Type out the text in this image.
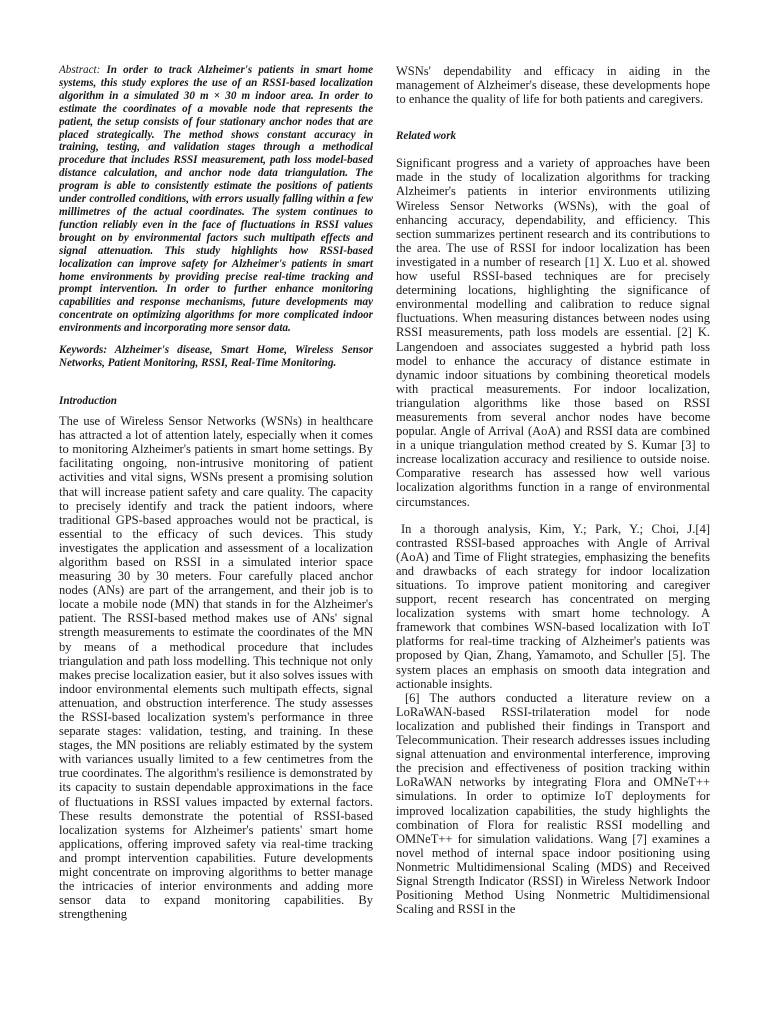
Abstract: In order to track Alzheimer's patients in smart home systems, this study explores the use of an RSSI-based localization algorithm in a simulated 30 m × 30 m indoor area. In order to estimate the coordinates of a movable node that represents the patient, the setup consists of four stationary anchor nodes that are placed strategically. The method shows constant accuracy in training, testing, and validation stages through a methodical procedure that includes RSSI measurement, path loss model-based distance calculation, and anchor node data triangulation. The program is able to consistently estimate the positions of patients under controlled conditions, with errors usually falling within a few millimetres of the actual coordinates. The system continues to function reliably even in the face of fluctuations in RSSI values brought on by environmental factors such multipath effects and signal attenuation. This study highlights how RSSI-based localization can improve safety for Alzheimer's patients in smart home environments by providing precise real-time tracking and prompt intervention. In order to further enhance monitoring capabilities and response mechanisms, future developments may concentrate on optimizing algorithms for more complicated indoor environments and incorporating more sensor data.

Keywords: Alzheimer's disease, Smart Home, Wireless Sensor Networks, Patient Monitoring, RSSI, Real-Time Monitoring.

Introduction

The use of Wireless Sensor Networks (WSNs) in healthcare has attracted a lot of attention lately, especially when it comes to monitoring Alzheimer's patients in smart home settings. By facilitating ongoing, non-intrusive monitoring of patient activities and vital signs, WSNs present a promising solution that will increase patient safety and care quality. The capacity to precisely identify and track the patient indoors, where traditional GPS-based approaches would not be practical, is essential to the efficacy of such devices. This study investigates the application and assessment of a localization algorithm based on RSSI in a simulated interior space measuring 30 by 30 meters. Four carefully placed anchor nodes (ANs) are part of the arrangement, and their job is to locate a mobile node (MN) that stands in for the Alzheimer's patient. The RSSI-based method makes use of ANs' signal strength measurements to estimate the coordinates of the MN by means of a methodical procedure that includes triangulation and path loss modelling. This technique not only makes precise localization easier, but it also solves issues with indoor environmental elements such multipath effects, signal attenuation, and obstruction interference. The study assesses the RSSI-based localization system's performance in three separate stages: validation, testing, and training. In these stages, the MN positions are reliably estimated by the system with variances usually limited to a few centimetres from the true coordinates. The algorithm's resilience is demonstrated by its capacity to sustain dependable approximations in the face of fluctuations in RSSI values impacted by external factors. These results demonstrate the potential of RSSI-based localization systems for Alzheimer's patients' smart home applications, offering improved safety via real-time tracking and prompt intervention capabilities. Future developments might concentrate on improving algorithms to better manage the intricacies of interior environments and adding more sensor data to expand monitoring capabilities. By strengthening

WSNs' dependability and efficacy in aiding in the management of Alzheimer's disease, these developments hope to enhance the quality of life for both patients and caregivers.

Related work

Significant progress and a variety of approaches have been made in the study of localization algorithms for tracking Alzheimer's patients in interior environments utilizing Wireless Sensor Networks (WSNs), with the goal of enhancing accuracy, dependability, and efficiency. This section summarizes pertinent research and its contributions to the area. The use of RSSI for indoor localization has been investigated in a number of research [1] X. Luo et al. showed how useful RSSI-based techniques are for precisely determining locations, highlighting the significance of environmental modelling and calibration to reduce signal fluctuations. When measuring distances between nodes using RSSI measurements, path loss models are essential. [2] K. Langendoen and associates suggested a hybrid path loss model to enhance the accuracy of distance estimate in dynamic indoor situations by combining theoretical models with practical measurements. For indoor localization, triangulation algorithms like those based on RSSI measurements from several anchor nodes have become popular. Angle of Arrival (AoA) and RSSI data are combined in a unique triangulation method created by S. Kumar [3] to increase localization accuracy and resilience to outside noise. Comparative research has assessed how well various localization algorithms function in a range of environmental circumstances.

In a thorough analysis, Kim, Y.; Park, Y.; Choi, J.[4] contrasted RSSI-based approaches with Angle of Arrival (AoA) and Time of Flight strategies, emphasizing the benefits and drawbacks of each strategy for indoor localization situations. To improve patient monitoring and caregiver support, recent research has concentrated on merging localization systems with smart home technology. A framework that combines WSN-based localization with IoT platforms for real-time tracking of Alzheimer's patients was proposed by Qian, Zhang, Yamamoto, and Schuller [5]. The system places an emphasis on smooth data integration and actionable insights.

[6] The authors conducted a literature review on a LoRaWAN-based RSSI-trilateration model for node localization and published their findings in Transport and Telecommunication. Their research addresses issues including signal attenuation and environmental interference, improving the precision and effectiveness of position tracking within LoRaWAN networks by integrating Flora and OMNeT++ simulations. In order to optimize IoT deployments for improved localization capabilities, the study highlights the combination of Flora for realistic RSSI modelling and OMNeT++ for simulation validations. Wang [7] examines a novel method of internal space indoor positioning using Nonmetric Multidimensional Scaling (MDS) and Received Signal Strength Indicator (RSSI) in Wireless Network Indoor Positioning Method Using Nonmetric Multidimensional Scaling and RSSI in the
